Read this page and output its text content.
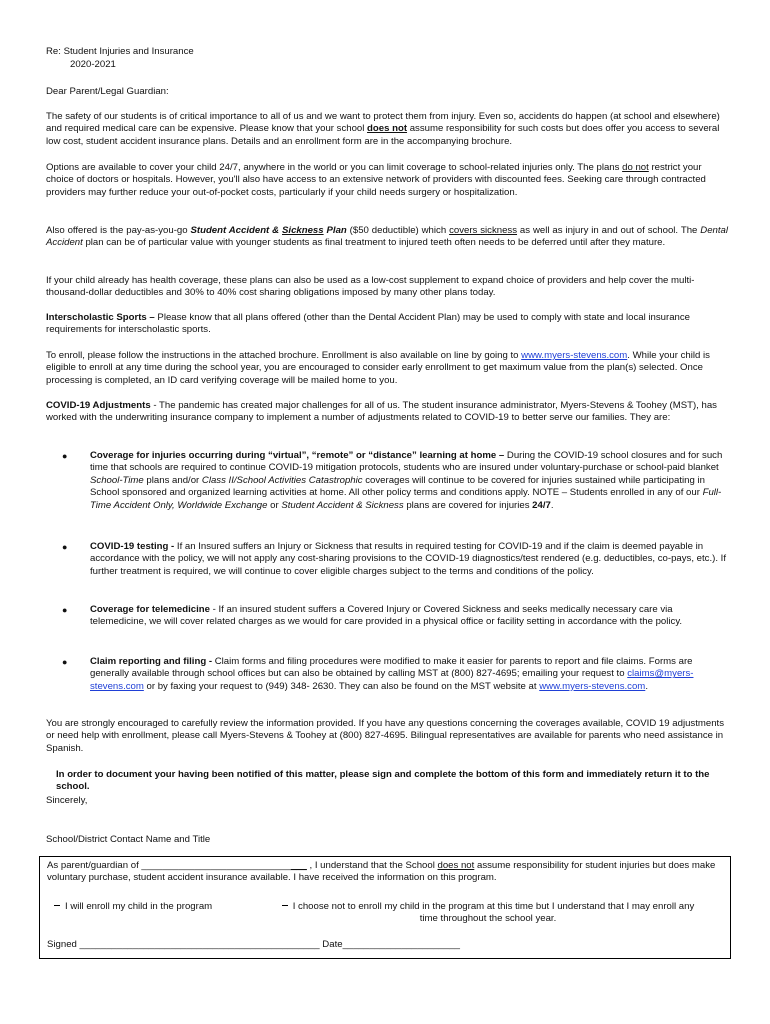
Re: Student Injuries and Insurance
2020-2021
Dear Parent/Legal Guardian:

The safety of our students is of critical importance to all of us and we want to protect them from injury. Even so, accidents do happen (at school and elsewhere) and required medical care can be expensive. Please know that your school does not assume responsibility for such costs but does offer you access to several low cost, student accident insurance plans. Details and an enrollment form are in the accompanying brochure.

Options are available to cover your child 24/7, anywhere in the world or you can limit coverage to school-related injuries only. The plans do not restrict your choice of doctors or hospitals. However, you'll also have access to an extensive network of providers with discounted fees. Seeking care through contracted providers may further reduce your out-of-pocket costs, particularly if your child needs surgery or hospitalization.

Also offered is the pay-as-you-go Student Accident & Sickness Plan ($50 deductible) which covers sickness as well as injury in and out of school. The Dental Accident plan can be of particular value with younger students as final treatment to injured teeth often needs to be deferred until after they mature.

If your child already has health coverage, these plans can also be used as a low-cost supplement to expand choice of providers and help cover the multi-thousand-dollar deductibles and 30% to 40% cost sharing obligations imposed by many other plans today.

Interscholastic Sports – Please know that all plans offered (other than the Dental Accident Plan) may be used to comply with state and local insurance requirements for interscholastic sports.

To enroll, please follow the instructions in the attached brochure. Enrollment is also available on line by going to www.myers-stevens.com. While your child is eligible to enroll at any time during the school year, you are encouraged to consider early enrollment to get maximum value from the plan(s) selected. Once processing is completed, an ID card verifying coverage will be mailed home to you.

COVID-19 Adjustments - The pandemic has created major challenges for all of us. The student insurance administrator, Myers-Stevens & Toohey (MST), has worked with the underwriting insurance company to implement a number of adjustments related to COVID-19 to better serve our families. They are:

● Coverage for injuries occurring during “virtual”, “remote” or “distance” learning at home – During the COVID-19 school closures and for such time that schools are required to continue COVID-19 mitigation protocols, students who are insured under voluntary-purchase or school-paid blanket School-Time plans and/or Class II/School Activities Catastrophic coverages will continue to be covered for injuries sustained while participating in School sponsored and organized learning activities at home. All other policy terms and conditions apply. NOTE – Students enrolled in any of our Full-Time Accident Only, Worldwide Exchange or Student Accident & Sickness plans are covered for injuries 24/7.
● COVID-19 testing - If an Insured suffers an Injury or Sickness that results in required testing for COVID-19 and if the claim is deemed payable in accordance with the policy, we will not apply any cost-sharing provisions to the COVID-19 diagnostics/test rendered (e.g. deductibles, co-pays, etc.). If further treatment is required, we will continue to cover eligible charges subject to the terms and conditions of the policy.
● Coverage for telemedicine - If an insured student suffers a Covered Injury or Covered Sickness and seeks medically necessary care via telemedicine, we will cover related charges as we would for care provided in a physical office or facility setting in accordance with the policy.
● Claim reporting and filing - Claim forms and filing procedures were modified to make it easier for parents to report and file claims. Forms are generally available through school offices but can also be obtained by calling MST at (800) 827-4695; emailing your request to claims@myers-stevens.com or by faxing your request to (949) 348- 2630. They can also be found on the MST website at www.myers-stevens.com.

You are strongly encouraged to carefully review the information provided. If you have any questions concerning the coverages available, COVID 19 adjustments or need help with enrollment, please call Myers-Stevens & Toohey at (800) 827-4695. Bilingual representatives are available for parents who need assistance in Spanish.

In order to document your having been notified of this matter, please sign and complete the bottom of this form and immediately return it to the school.

Sincerely,
School/District Contact Name and Title
As parent/guardian of _______________________________ , I understand that the School does not assume responsibility for student injuries but does make voluntary purchase, student accident insurance available. I have received the information on this program.
I will enroll my child in the program	I choose not to enroll my child in the program at this time but I understand that I may enroll any
time throughout the school year.
Signed _____________________________________________ Date______________________
